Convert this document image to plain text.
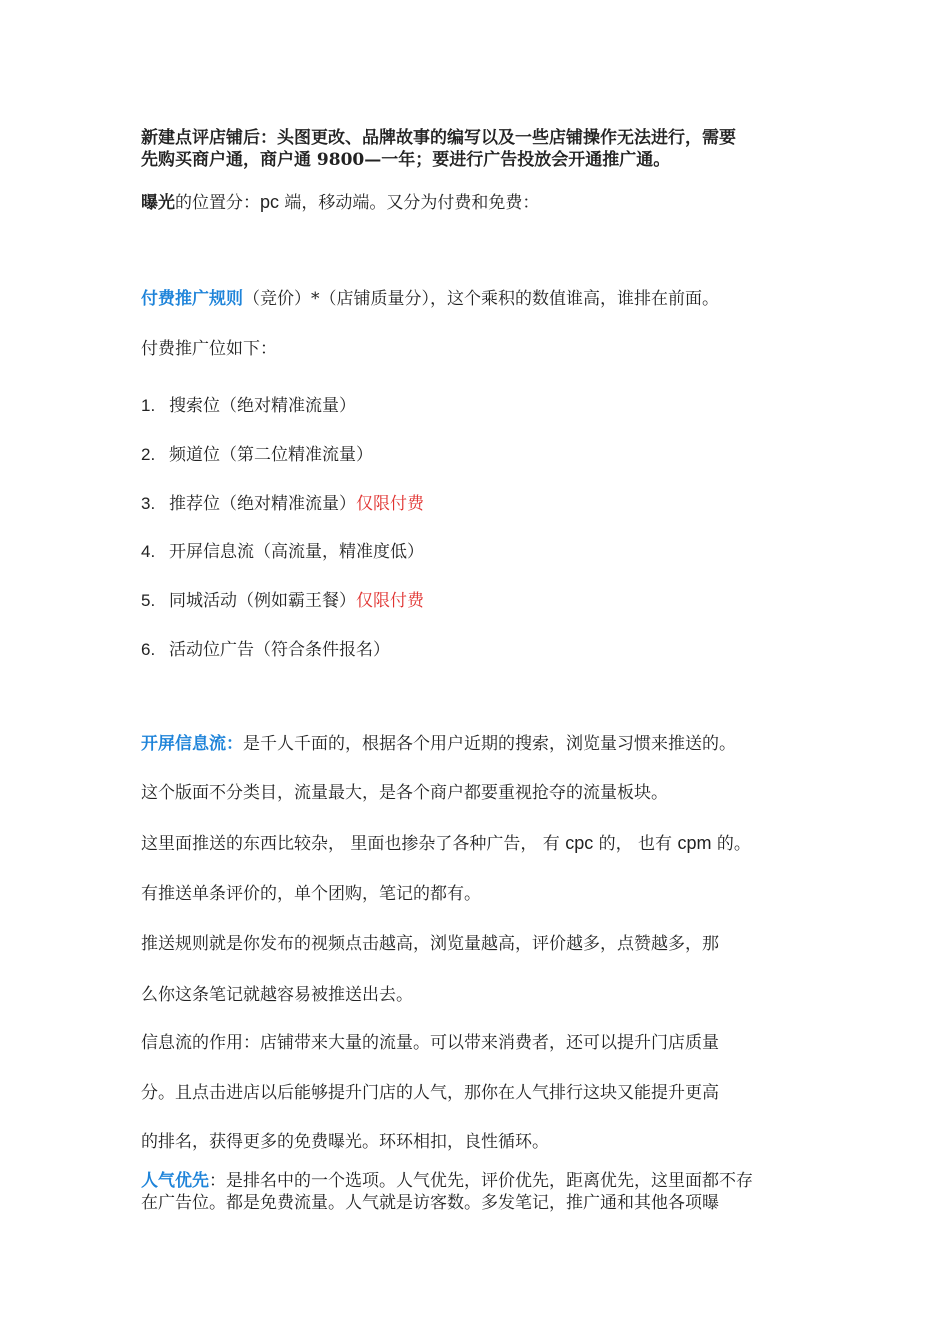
新建点评店铺后：头图更改、品牌故事的编写以及一些店铺操作无法进行，需要
先购买商户通，商户通 9800—一年；要进行广告投放会开通推广通。
曝光的位置分：pc 端，移动端。又分为付费和免费：
付费推广规则（竞价）*（店铺质量分），这个乘积的数值谁高，谁排在前面。
付费推广位如下：
1. 搜索位（绝对精准流量）
2. 频道位（第二位精准流量）
3. 推荐位（绝对精准流量）仅限付费
4. 开屏信息流（高流量，精准度低）
5. 同城活动（例如霸王餐）仅限付费
6. 活动位广告（符合条件报名）
开屏信息流：是千人千面的，根据各个用户近期的搜索，浏览量习惯来推送的。
这个版面不分类目，流量最大，是各个商户都要重视抢夺的流量板块。
这里面推送的东西比较杂， 里面也掺杂了各种广告， 有 cpc 的， 也有 cpm 的。
有推送单条评价的，单个团购，笔记的都有。
推送规则就是你发布的视频点击越高，浏览量越高，评价越多，点赞越多，那
么你这条笔记就越容易被推送出去。
信息流的作用：店铺带来大量的流量。可以带来消费者，还可以提升门店质量
分。且点击进店以后能够提升门店的人气，那你在人气排行这块又能提升更高
的排名，获得更多的免费曝光。环环相扣，良性循环。
人气优先：是排名中的一个选项。人气优先，评价优先，距离优先，这里面都不存
在广告位。都是免费流量。人气就是访客数。多发笔记，推广通和其他各项曝
